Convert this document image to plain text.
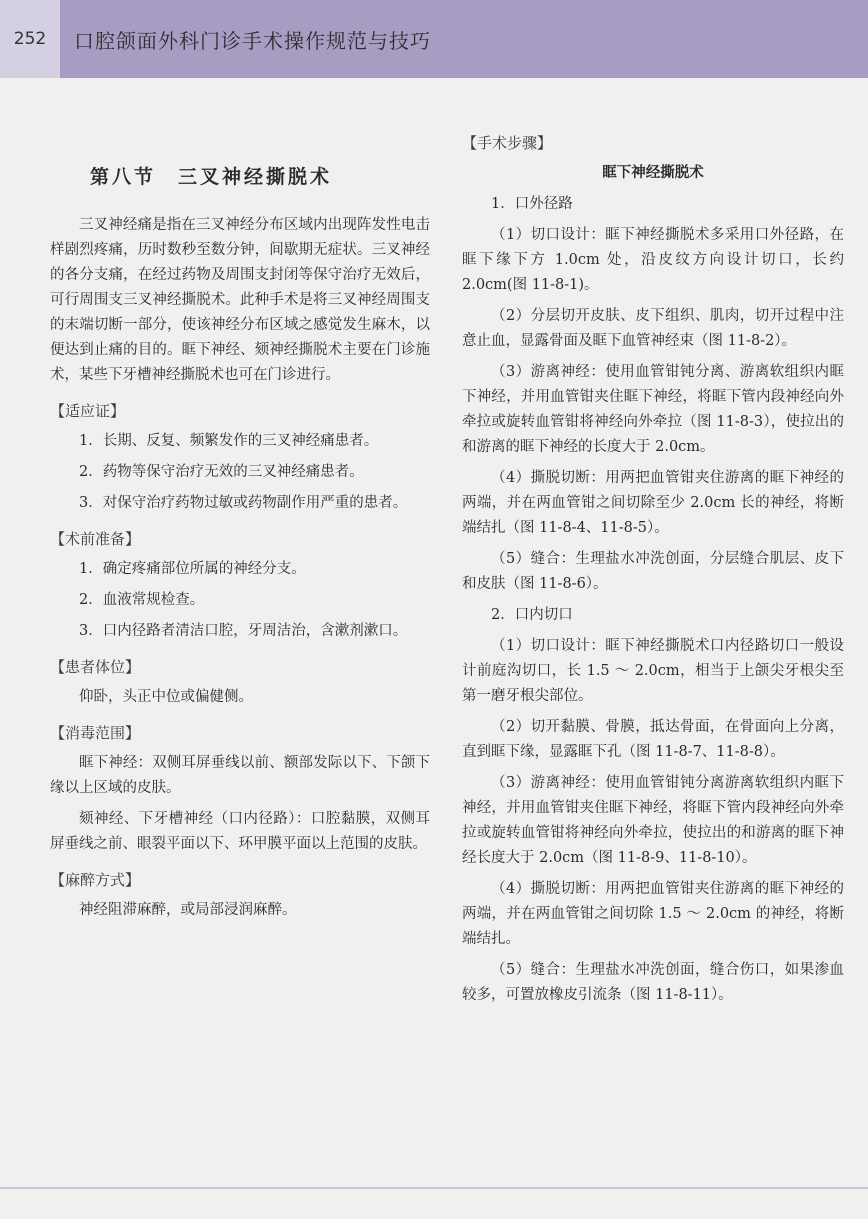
252	口腔颌面外科门诊手术操作规范与技巧
第八节 三叉神经撕脱术

三叉神经痛是指在三叉神经分布区域内出现阵发性电击样剧烈疼痛，历时数秒至数分钟，间歇期无症状。三叉神经的各分支痛，在经过药物及周围支封闭等保守治疗无效后，可行周围支三叉神经撕脱术。此种手术是将三叉神经周围支的末端切断一部分，使该神经分布区域之感觉发生麻木，以便达到止痛的目的。眶下神经、颏神经撕脱术主要在门诊施术，某些下牙槽神经撕脱术也可在门诊进行。

【适应证】

1．长期、反复、频繁发作的三叉神经痛患者。

2．药物等保守治疗无效的三叉神经痛患者。

3．对保守治疗药物过敏或药物副作用严重的患者。

【术前准备】

1．确定疼痛部位所属的神经分支。

2．血液常规检查。

3．口内径路者清洁口腔，牙周洁治，含漱剂漱口。

【患者体位】

仰卧，头正中位或偏健侧。

【消毒范围】

眶下神经：双侧耳屏垂线以前、额部发际以下、下颌下缘以上区域的皮肤。

颏神经、下牙槽神经（口内径路）：口腔黏膜，双侧耳屏垂线之前、眼裂平面以下、环甲膜平面以上范围的皮肤。

【麻醉方式】

神经阻滞麻醉，或局部浸润麻醉。

【手术步骤】
眶下神经撕脱术

1．口外径路

（1）切口设计：眶下神经撕脱术多采用口外径路，在眶下缘下方 1.0cm 处，沿皮纹方向设计切口，长约 2.0cm(图 11-8-1)。

（2）分层切开皮肤、皮下组织、肌肉，切开过程中注意止血，显露骨面及眶下血管神经束（图 11-8-2）。

（3）游离神经：使用血管钳钝分离、游离软组织内眶下神经，并用血管钳夹住眶下神经，将眶下管内段神经向外牵拉或旋转血管钳将神经向外牵拉（图 11-8-3），使拉出的和游离的眶下神经的长度大于 2.0cm。

（4）撕脱切断：用两把血管钳夹住游离的眶下神经的两端，并在两血管钳之间切除至少 2.0cm 长的神经，将断端结扎（图 11-8-4、11-8-5）。

（5）缝合：生理盐水冲洗创面，分层缝合肌层、皮下和皮肤（图 11-8-6）。

2．口内切口

（1）切口设计：眶下神经撕脱术口内径路切口一般设计前庭沟切口，长 1.5 ～ 2.0cm，相当于上颌尖牙根尖至第一磨牙根尖部位。

（2）切开黏膜、骨膜，抵达骨面，在骨面向上分离，直到眶下缘，显露眶下孔（图 11-8-7、11-8-8）。

（3）游离神经：使用血管钳钝分离游离软组织内眶下神经，并用血管钳夹住眶下神经，将眶下管内段神经向外牵拉或旋转血管钳将神经向外牵拉，使拉出的和游离的眶下神经长度大于 2.0cm（图 11-8-9、11-8-10）。

（4）撕脱切断：用两把血管钳夹住游离的眶下神经的两端，并在两血管钳之间切除 1.5 ～ 2.0cm 的神经，将断端结扎。

（5）缝合：生理盐水冲洗创面，缝合伤口，如果渗血较多，可置放橡皮引流条（图 11-8-11）。
